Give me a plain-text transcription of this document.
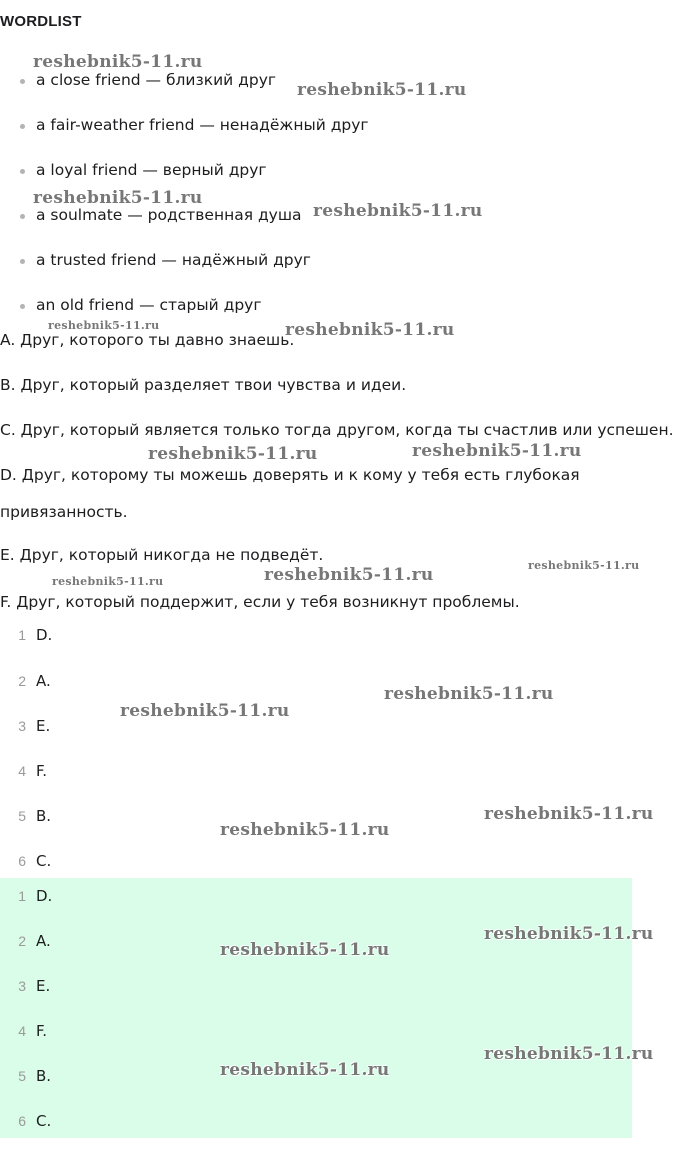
WORDLIST
a close friend — близкий друг
a fair-weather friend — ненадёжный друг
a loyal friend — верный друг
a soulmate — родственная душа
a trusted friend — надёжный друг
an old friend — старый друг
A. Друг, которого ты давно знаешь.
B. Друг, который разделяет твои чувства и идеи.
C. Друг, который является только тогда другом, когда ты счастлив или успешен.
D. Друг, которому ты можешь доверять и к кому у тебя есть глубокая
привязанность.
E. Друг, который никогда не подведёт.
F. Друг, который поддержит, если у тебя возникнут проблемы.
1 D.
2 A.
3 E.
4 F.
5 B.
6 C.
1 D.
2 A.
3 E.
4 F.
5 B.
6 C.
reshebnik5-11.ru
reshebnik5-11.ru
reshebnik5-11.ru
reshebnik5-11.ru
reshebnik5-11.ru	reshebnik5-11.ru
reshebnik5-11.ru	reshebnik5-11.ru
reshebnik5-11.ru
reshebnik5-11.ru	reshebnik5-11.ru
reshebnik5-11.ru
reshebnik5-11.ru
reshebnik5-11.ru
reshebnik5-11.ru
reshebnik5-11.ru
reshebnik5-11.ru
reshebnik5-11.ru
reshebnik5-11.ru
